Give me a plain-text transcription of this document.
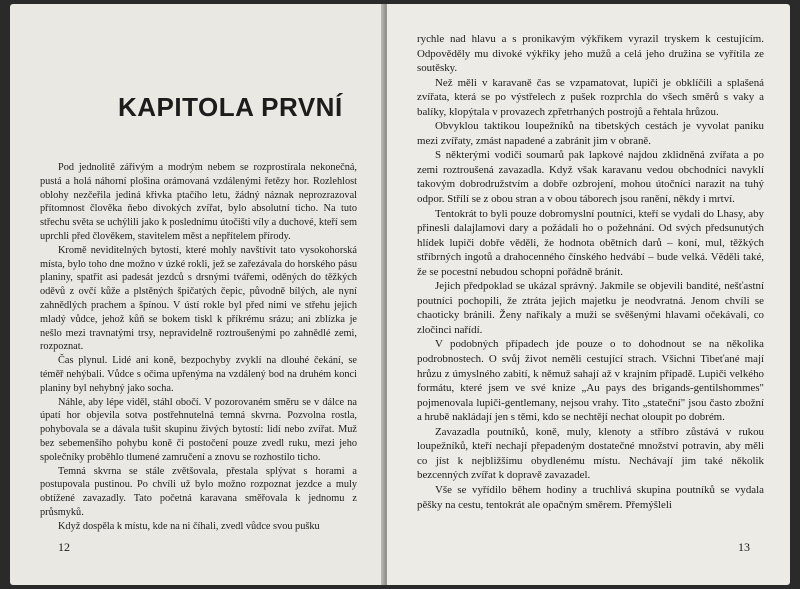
KAPITOLA PRVNÍ

Pod jednolitě zářivým a modrým nebem se rozprostírala nekonečná, pustá a holá náhorní plošina orámovaná vzdálenými řetězy hor. Rozlehlost oblohy nezčeřila jediná křivka ptačího letu, žádný náznak neprozrazoval přítomnost člověka ňebo divokých zvířat, bylo absolutní ticho. Na tuto střechu světa se uchýlili jako k poslednímu útočišti víly a duchové, kteří sem uprchli před člověkem, stavitelem měst a nepřítelem přírody.

Kromě neviditelných bytostí, které mohly navštívit tato vysokohorská místa, bylo toho dne možno v úzké rokli, jež se zařezávala do horského pásu planiny, spatřit asi padesát jezdců s drsnými tvářemi, oděných do těžkých oděvů z ovčí kůže a plstěných špičatých čepic, původně bílých, ale nyní zahnědlých prachem a špínou. V ústí rokle byl před nimi ve střehu jejich mladý vůdce, jehož kůň se bokem tiskl k příkrému srázu; ani zblízka je nešlo mezi travnatými trsy, nepravidelně roztroušenými po zahnědlé zemi, rozpoznat.

Čas plynul. Lidé ani koně, bezpochyby zvyklí na dlouhé čekání, se téměř nehýbali. Vůdce s očima upřenýma na vzdálený bod na druhém konci planiny byl nehybný jako socha.

Náhle, aby lépe viděl, stáhl obočí. V pozorovaném směru se v dálce na úpatí hor objevila sotva postřehnutelná temná skvrna. Pozvolna rostla, pohybovala se a dávala tušit skupinu živých bytostí: lidí nebo zvířat. Muž bez sebemenšího pohybu koně či postočení pouze zvedl ruku, mezi jeho společníky proběhlo tlumené zamručení a znovu se rozhostilo ticho.

Temná skvrna se stále zvětšovala, přestala splývat s horami a postupovala pustinou. Po chvíli už bylo možno rozpoznat jezdce a muly obtížené zavazadly. Tato početná karavana směřovala k jednomu z průsmyků.

Když dospěla k místu, kde na ni číhali, zvedl vůdce svou pušku

12

rychle nad hlavu a s pronikavým výkřikem vyrazil tryskem k cestujícím. Odpověděly mu divoké výkřiky jeho mužů a celá jeho družina se vyřítila ze soutěsky.

Než měli v karavaně čas se vzpamatovat, lupiči je obklíčili a splašená zvířata, která se po výstřelech z pušek rozprchla do všech směrů s vaky a balíky, klopýtala v provazech zpřetrhaných postrojů a řehtala hrůzou.

Obvyklou taktikou loupežníků na tibetských cestách je vyvolat paniku mezi zvířaty, zmást napadené a zabránit jim v obraně.

S některými vodiči soumarů pak lapkové najdou zklidněná zvířata a po zemi roztroušená zavazadla. Když však karavanu vedou obchodníci navyklí takovým dobrodružstvím a dobře ozbrojení, mohou útočníci narazit na tuhý odpor. Střílí se z obou stran a v obou táborech jsou ranění, někdy i mrtví.

Tentokrát to byli pouze dobromyslní poutníci, kteří se vydali do Lhasy, aby přinesli dalajlamovi dary a požádali ho o požehnání. Od svých předsunutých hlídek lupiči dobře věděli, že hodnota obětních darů – koní, mul, těžkých stříbrných ingotů a drahocenného čínského hedvábí – bude velká. Věděli také, že se pocestní nebudou schopni pořádně bránit.

Jejich předpoklad se ukázal správný. Jakmile se objevili bandité, nešťastní poutníci pochopili, že ztráta jejich majetku je neodvratná. Jenom chvíli se chaoticky bránili. Ženy naříkaly a muži se svěšenými hlavami očekávali, co zločinci nařídí.

V podobných případech jde pouze o to dohodnout se na několika podrobnostech. O svůj život neměli cestující strach. Všichni Tibeťané mají hrůzu z úmyslného zabití, k němuž sahají až v krajním případě. Lupiči velkého formátu, které jsem ve své knize „Au pays des brigands-gentilshommes" pojmenovala lupiči-gentlemany, nejsou vrahy. Tito „stateční" jsou často zbožní a hrubě nakládají jen s těmi, kdo se nechtějí nechat oloupit po dobrém.

Zavazadla poutníků, koně, muly, klenoty a stříbro zůstává v rukou loupežníků, kteří nechají přepadeným dostatečné množství potravin, aby měli co jíst k nejbližšímu obydlenému místu. Nechávají jim také několik bezcenných zvířat k dopravě zavazadel.

Vše se vyřídilo během hodiny a truchlivá skupina poutníků se vydala pěšky na cestu, tentokrát ale opačným směrem. Přemýšleli

13
